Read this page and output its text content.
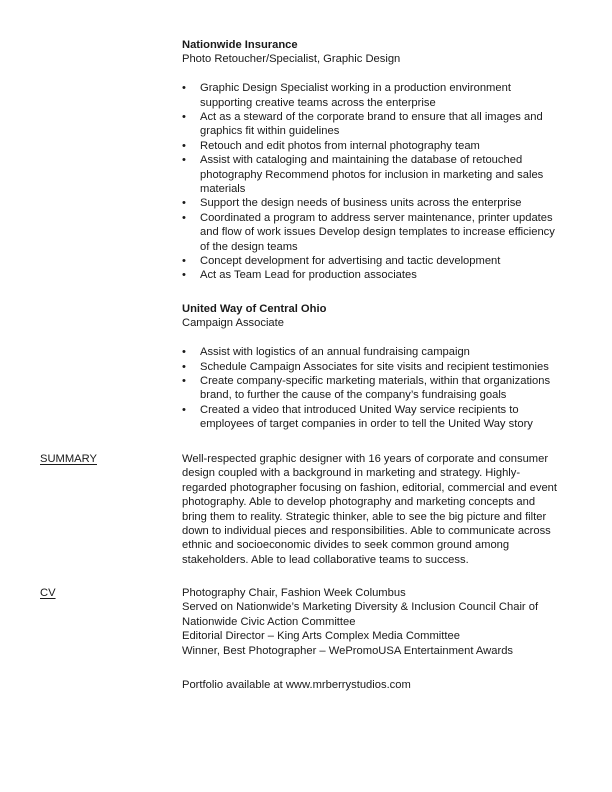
Nationwide Insurance
Photo Retoucher/Specialist, Graphic Design
•	Graphic Design Specialist working in a production environment supporting creative teams across the enterprise
•	Act as a steward of the corporate brand to ensure that all images and graphics fit within guidelines
•	Retouch and edit photos from internal photography team
•	Assist with cataloging and maintaining the database of retouched photography Recommend photos for inclusion in marketing and sales materials
•	Support the design needs of business units across the enterprise
•	Coordinated a program to address server maintenance, printer updates and flow of work issues Develop design templates to increase efficiency of the design teams
•	Concept development for advertising and tactic development
•	Act as Team Lead for production associates
United Way of Central Ohio
Campaign Associate
•	Assist with logistics of an annual fundraising campaign
•	Schedule Campaign Associates for site visits and recipient testimonies
•	Create company-specific marketing materials, within that organizations brand, to further the cause of the company’s fundraising goals
•	Created a video that introduced United Way service recipients to employees of target companies in order to tell the United Way story
SUMMARY	Well-respected graphic designer with 16 years of corporate and consumer design coupled with a background in marketing and strategy. Highly-regarded photographer focusing on fashion, editorial, commercial and event photography. Able to develop photography and marketing concepts and bring them to reality. Strategic thinker, able to see the big picture and filter down to individual pieces and responsibilities. Able to communicate across ethnic and socioeconomic divides to seek common ground among stakeholders. Able to lead collaborative teams to success.
CV	Photography Chair, Fashion Week Columbus
Served on Nationwide’s Marketing Diversity & Inclusion Council Chair of Nationwide Civic Action Committee
Editorial Director – King Arts Complex Media Committee
Winner, Best Photographer – WePromoUSA Entertainment Awards
Portfolio available at www.mrberrystudios.com
